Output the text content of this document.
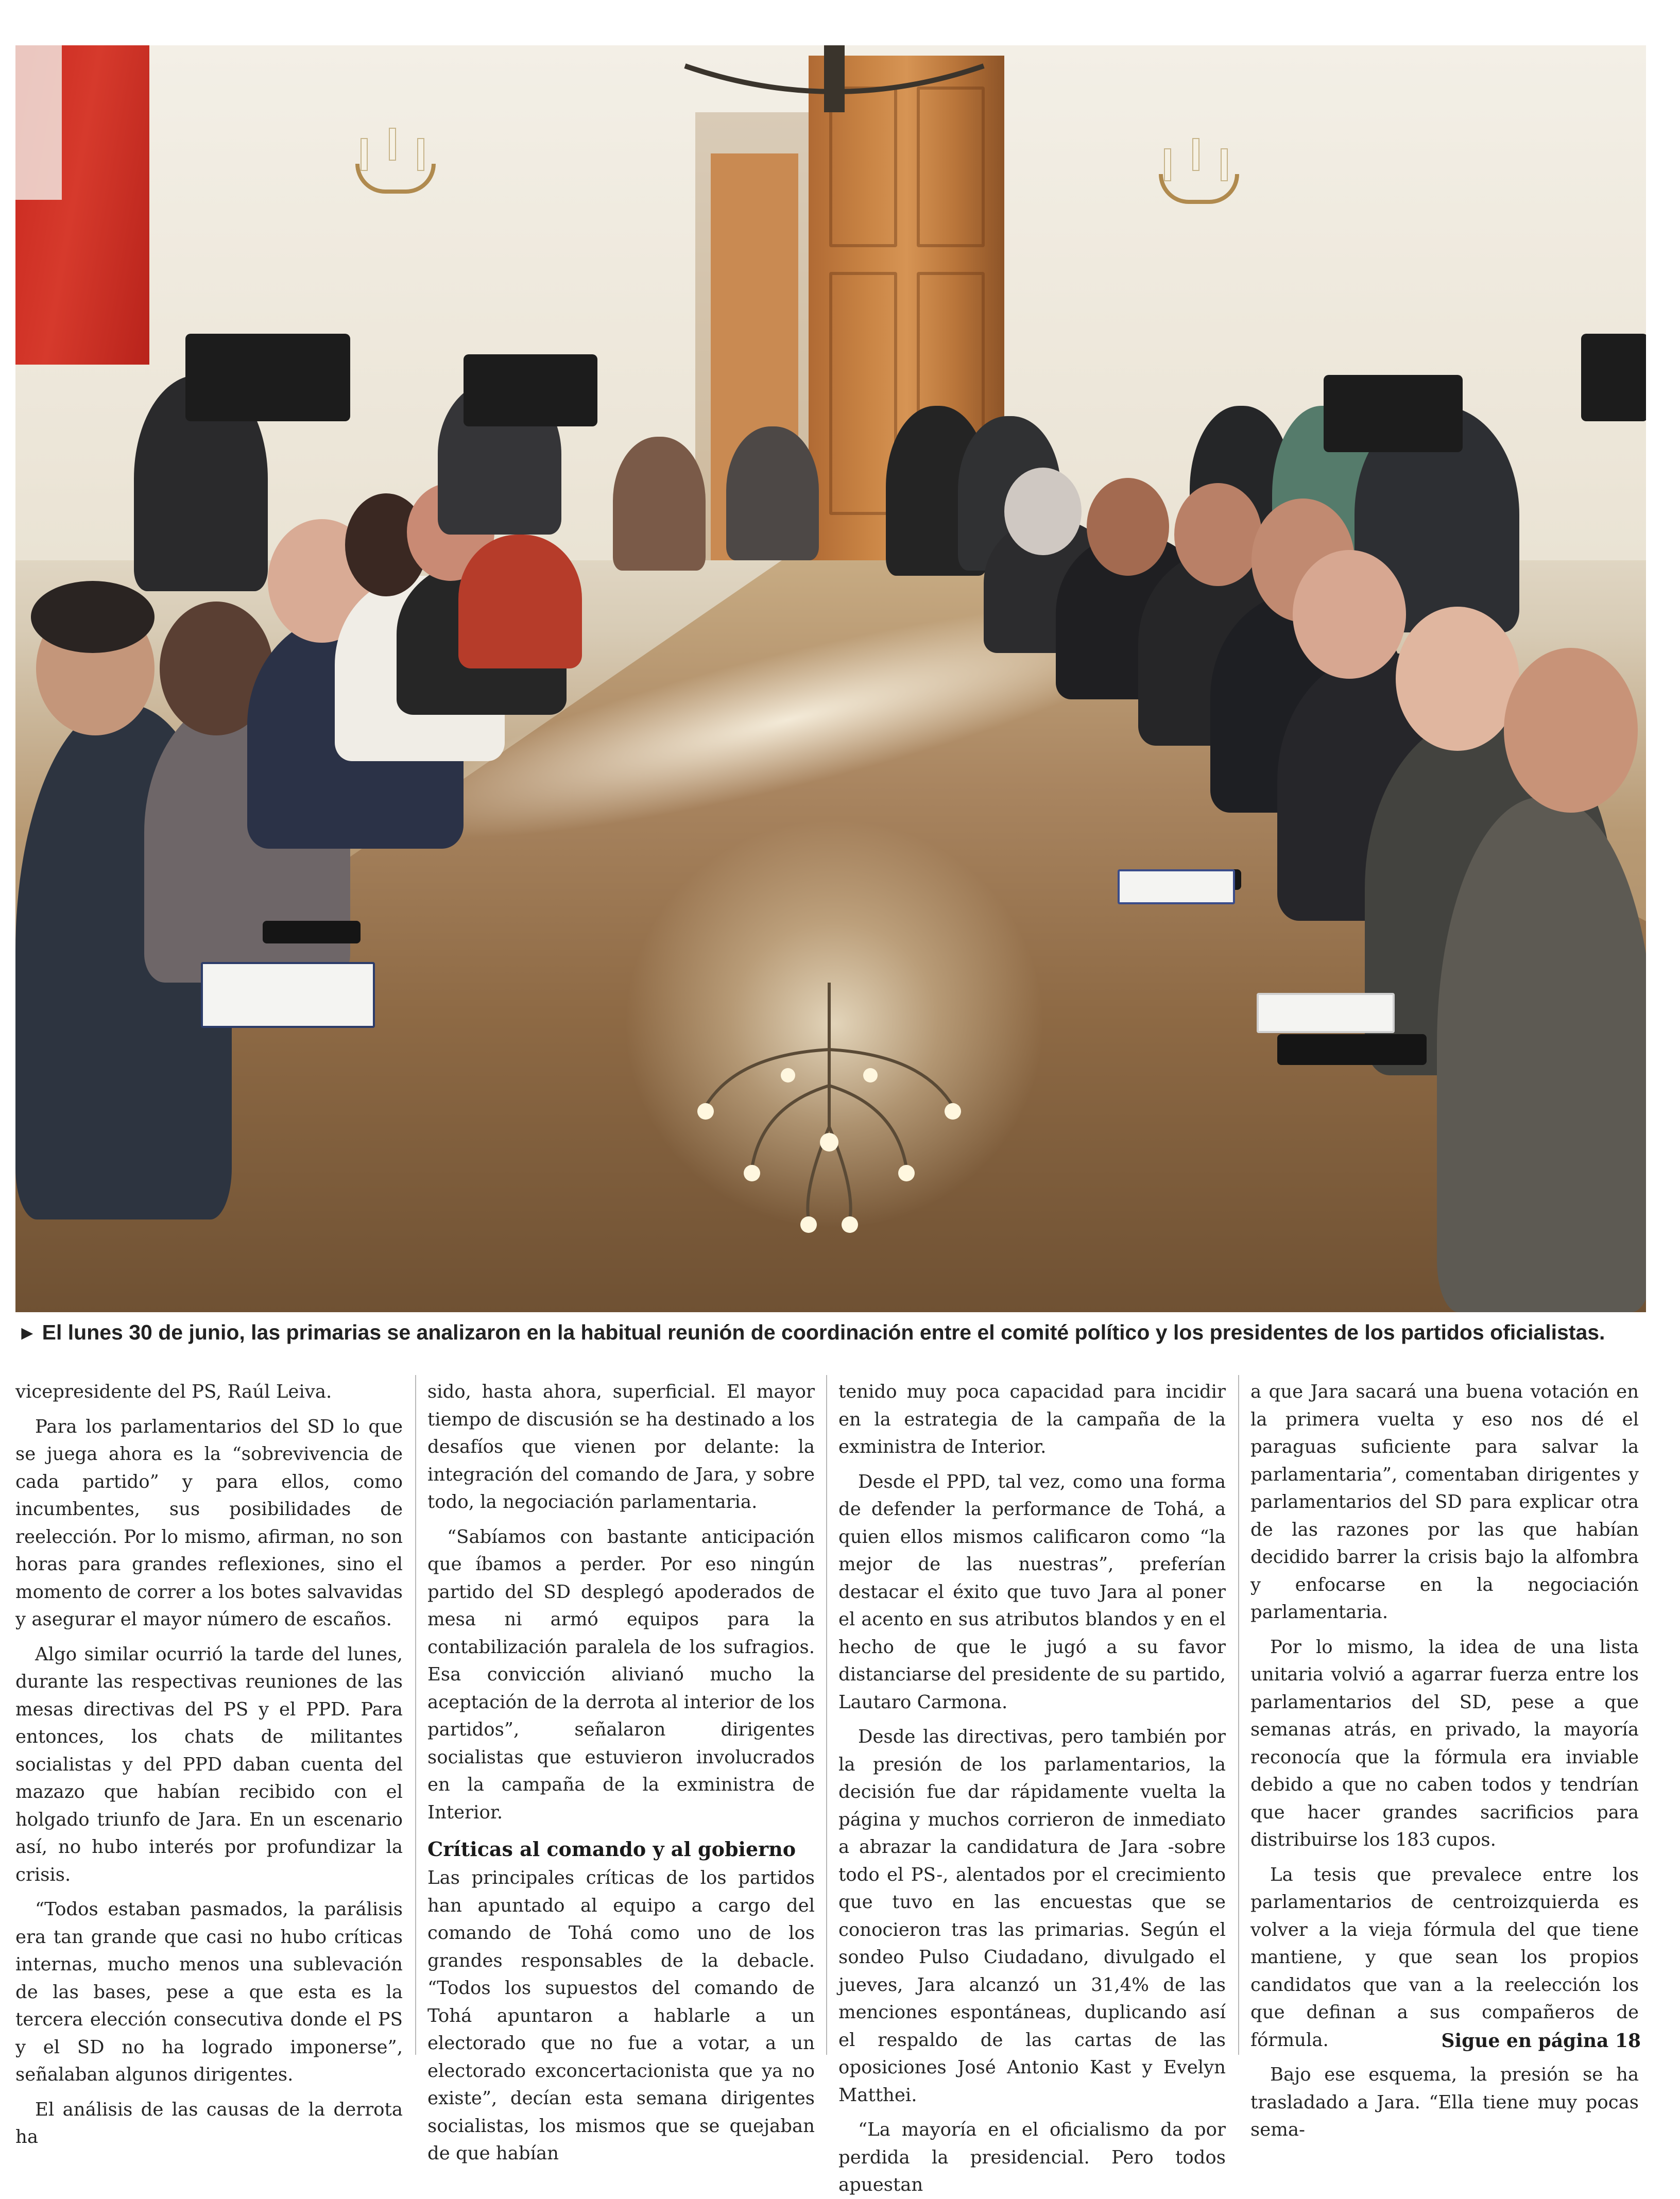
► El lunes 30 de junio, las primarias se analizaron en la habitual reunión de coordinación entre el comité político y los presidentes de los partidos oficialistas.

vicepresidente del PS, Raúl Leiva.

Para los parlamentarios del SD lo que se juega ahora es la “sobrevivencia de cada partido” y para ellos, como incumbentes, sus posibilidades de reelección. Por lo mismo, afirman, no son horas para grandes reflexiones, sino el momento de correr a los botes salvavidas y asegurar el mayor número de escaños.

Algo similar ocurrió la tarde del lunes, durante las respectivas reuniones de las mesas directivas del PS y el PPD. Para entonces, los chats de militantes socialistas y del PPD daban cuenta del mazazo que habían recibido con el holgado triunfo de Jara. En un escenario así, no hubo interés por profundizar la crisis.

“Todos estaban pasmados, la parálisis era tan grande que casi no hubo críticas internas, mucho menos una sublevación de las bases, pese a que esta es la tercera elección consecutiva donde el PS y el SD no ha logrado imponerse”, señalaban algunos dirigentes.

El análisis de las causas de la derrota ha

sido, hasta ahora, superficial. El mayor tiempo de discusión se ha destinado a los desafíos que vienen por delante: la integración del comando de Jara, y sobre todo, la negociación parlamentaria.

“Sabíamos con bastante anticipación que íbamos a perder. Por eso ningún partido del SD desplegó apoderados de mesa ni armó equipos para la contabilización paralela de los sufragios. Esa convicción alivianó mucho la aceptación de la derrota al interior de los partidos”, señalaron dirigentes socialistas que estuvieron involucrados en la campaña de la exministra de Interior.

Críticas al comando y al gobierno

Las principales críticas de los partidos han apuntado al equipo a cargo del comando de Tohá como uno de los grandes responsables de la debacle. “Todos los supuestos del comando de Tohá apuntaron a hablarle a un electorado que no fue a votar, a un electorado exconcertacionista que ya no existe”, decían esta semana dirigentes socialistas, los mismos que se quejaban de que habían

tenido muy poca capacidad para incidir en la estrategia de la campaña de la exministra de Interior.

Desde el PPD, tal vez, como una forma de defender la performance de Tohá, a quien ellos mismos calificaron como “la mejor de las nuestras”, preferían destacar el éxito que tuvo Jara al poner el acento en sus atributos blandos y en el hecho de que le jugó a su favor distanciarse del presidente de su partido, Lautaro Carmona.

Desde las directivas, pero también por la presión de los parlamentarios, la decisión fue dar rápidamente vuelta la página y muchos corrieron de inmediato a abrazar la candidatura de Jara -sobre todo el PS-, alentados por el crecimiento que tuvo en las encuestas que se conocieron tras las primarias. Según el sondeo Pulso Ciudadano, divulgado el jueves, Jara alcanzó un 31,4% de las menciones espontáneas, duplicando así el respaldo de las cartas de las oposiciones José Antonio Kast y Evelyn Matthei.

“La mayoría en el oficialismo da por perdida la presidencial. Pero todos apuestan

a que Jara sacará una buena votación en la primera vuelta y eso nos dé el paraguas suficiente para salvar la parlamentaria”, comentaban dirigentes y parlamentarios del SD para explicar otra de las razones por las que habían decidido barrer la crisis bajo la alfombra y enfocarse en la negociación parlamentaria.

Por lo mismo, la idea de una lista unitaria volvió a agarrar fuerza entre los parlamentarios del SD, pese a que semanas atrás, en privado, la mayoría reconocía que la fórmula era inviable debido a que no caben todos y tendrían que hacer grandes sacrificios para distribuirse los 183 cupos.

La tesis que prevalece entre los parlamentarios de centroizquierda es volver a la vieja fórmula del que tiene mantiene, y que sean los propios candidatos que van a la reelección los que definan a sus compañeros de fórmula.

Bajo ese esquema, la presión se ha trasladado a Jara. “Ella tiene muy pocas sema-

Sigue en página 18
